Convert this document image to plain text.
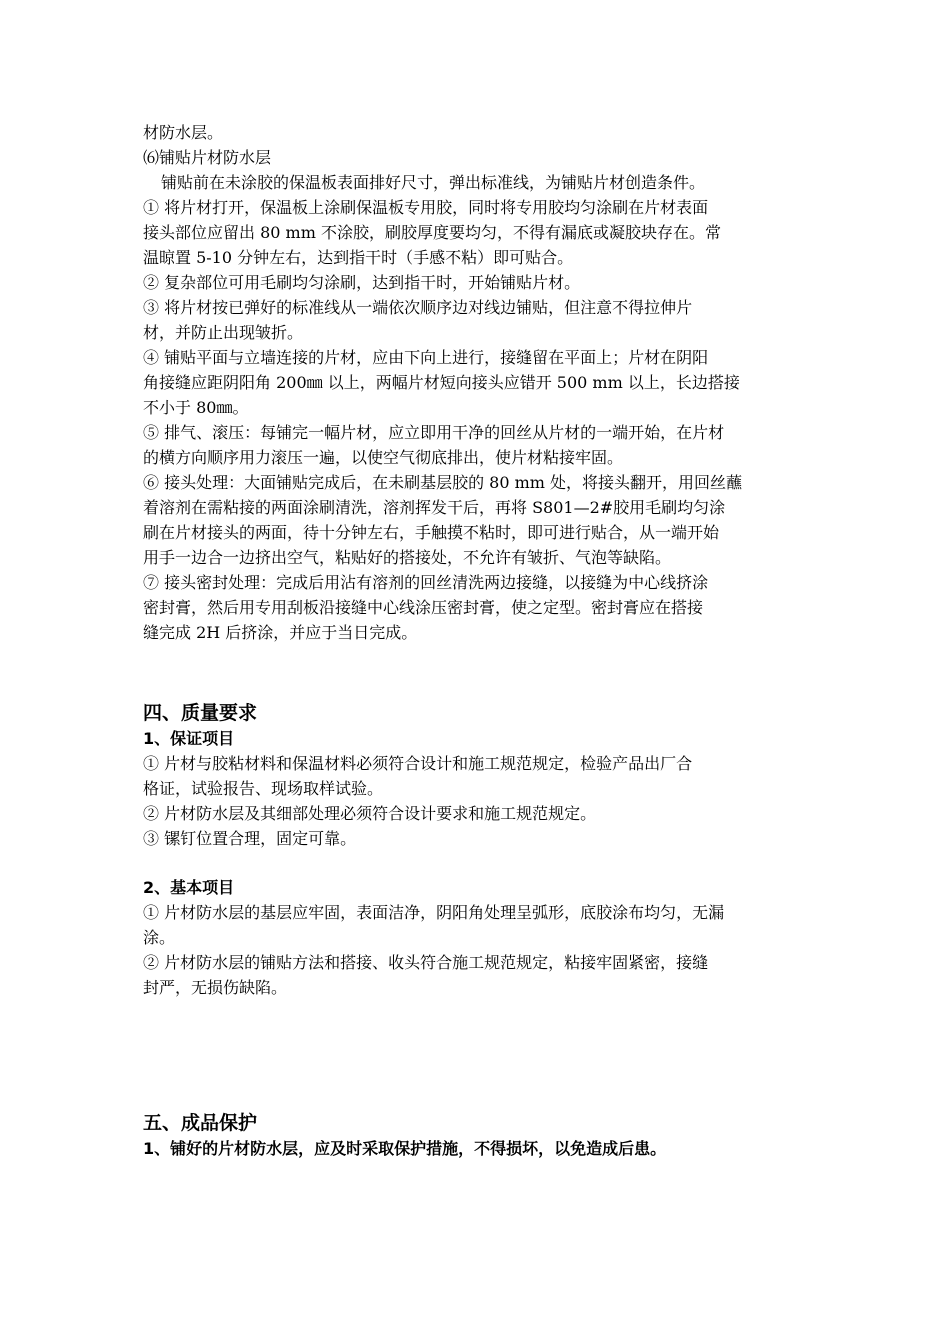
材防水层。
⑹铺贴片材防水层
铺贴前在未涂胶的保温板表面排好尺寸，弹出标准线，为铺贴片材创造条件。
① 将片材打开，保温板上涂刷保温板专用胶，同时将专用胶均匀涂刷在片材表面
接头部位应留出 80 mm 不涂胶，刷胶厚度要均匀，不得有漏底或凝胶块存在。常
温晾置 5-10 分钟左右，达到指干时（手感不粘）即可贴合。
② 复杂部位可用毛刷均匀涂刷，达到指干时，开始铺贴片材。
③ 将片材按已弹好的标准线从一端依次顺序边对线边铺贴，但注意不得拉伸片
材，并防止出现皱折。
④ 铺贴平面与立墙连接的片材，应由下向上进行，接缝留在平面上；片材在阴阳
角接缝应距阴阳角 200㎜ 以上，两幅片材短向接头应错开 500 mm 以上，长边搭接
不小于 80㎜。
⑤ 排气、滚压：每铺完一幅片材，应立即用干净的回丝从片材的一端开始，在片材
的横方向顺序用力滚压一遍，以使空气彻底排出，使片材粘接牢固。
⑥ 接头处理：大面铺贴完成后，在未刷基层胶的 80 mm 处，将接头翻开，用回丝蘸
着溶剂在需粘接的两面涂刷清洗，溶剂挥发干后，再将 S801—2#胶用毛刷均匀涂
刷在片材接头的两面，待十分钟左右，手触摸不粘时，即可进行贴合，从一端开始
用手一边合一边挤出空气，粘贴好的搭接处，不允许有皱折、气泡等缺陷。
⑦ 接头密封处理：完成后用沾有溶剂的回丝清洗两边接缝，以接缝为中心线挤涂
密封膏，然后用专用刮板沿接缝中心线涂压密封膏，使之定型。密封膏应在搭接
缝完成 2H 后挤涂，并应于当日完成。
四、质量要求
1、保证项目
① 片材与胶粘材料和保温材料必须符合设计和施工规范规定，检验产品出厂合
格证，试验报告、现场取样试验。
② 片材防水层及其细部处理必须符合设计要求和施工规范规定。
③ 镙钉位置合理，固定可靠。
2、基本项目
① 片材防水层的基层应牢固，表面洁净，阴阳角处理呈弧形，底胶涂布均匀，无漏
涂。
② 片材防水层的铺贴方法和搭接、收头符合施工规范规定，粘接牢固紧密，接缝
封严，无损伤缺陷。
五、成品保护
1、铺好的片材防水层，应及时采取保护措施，不得损坏，以免造成后患。
